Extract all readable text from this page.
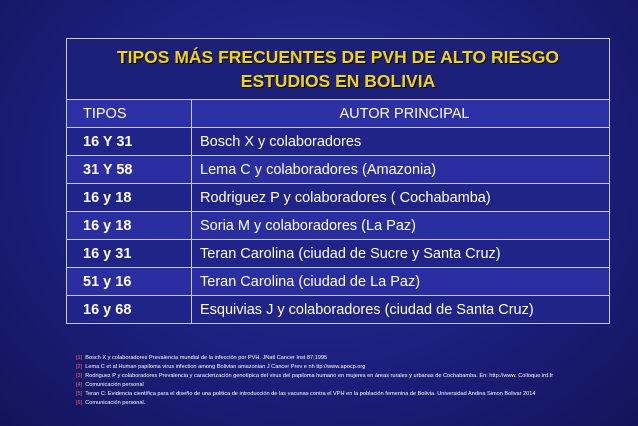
TIPOS MÁS FRECUENTES DE PVH DE ALTO RIESGO
ESTUDIOS EN BOLIVIA	

TIPOS	AUTOR PRINCIPAL
16 Y 31	Bosch X y colaboradores
31 Y 58	Lema C y colaboradores (Amazonia)
16 y 18	Rodriguez P y colaboradores ( Cochabamba)
16 y 18	Soria M y colaboradores (La Paz)
16 y 31	Teran Carolina (ciudad de Sucre y Santa Cruz)
51 y 16	Teran Carolina (ciudad de La Paz)
16 y 68	Esquivias J y colaboradores (ciudad de Santa Cruz)
[1] Bosch X y colaboradores Prevalencia mundial de la infección por PVH. JNatl Cancer Inst 87;1995
[2] Lema C et al Human papiloma virus infection among Bolivian amazonian J Cancer Prev e nh ttp://www.apocp.org
[3] Rodriguez P y colaboradores Prevalencia y caracterización genotípica del virus del papiloma humano en mujeres en áreas rurales y urbanas de Cochabamba. En: http://www. Colloque.ird.fr
[4] Comunicación personal
[5] Teran C: Evidencia científica para el diseño de una politica de introducción de las vacunas contra el VPH en la población femenina de Bolivia. Universidad Andina Simon Bolivar 2014
[6] Comunicación personal.
